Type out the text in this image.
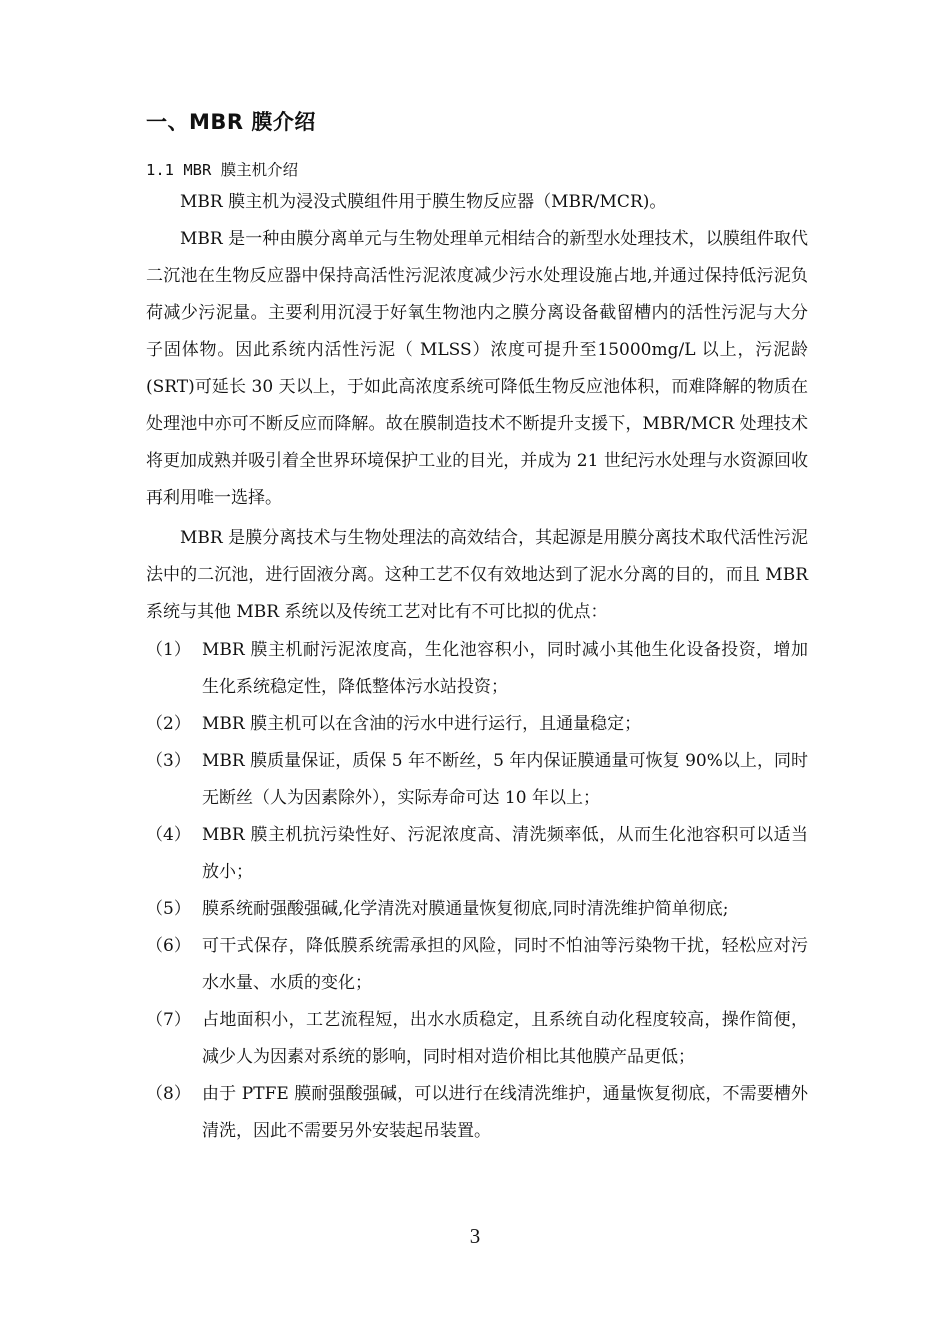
一、MBR 膜介绍
1.1 MBR 膜主机介绍

MBR 膜主机为浸没式膜组件用于膜生物反应器（MBR/MCR)。

MBR 是一种由膜分离单元与生物处理单元相结合的新型水处理技术，以膜组件取代二沉池在生物反应器中保持高活性污泥浓度减少污水处理设施占地,并通过保持低污泥负荷减少污泥量。主要利用沉浸于好氧生物池内之膜分离设备截留槽内的活性污泥与大分子固体物。因此系统内活性污泥（ MLSS）浓度可提升至15000mg/L 以上，污泥龄(SRT)可延长 30 天以上，于如此高浓度系统可降低生物反应池体积，而难降解的物质在处理池中亦可不断反应而降解。故在膜制造技术不断提升支援下，MBR/MCR 处理技术将更加成熟并吸引着全世界环境保护工业的目光，并成为 21 世纪污水处理与水资源回收再利用唯一选择。

MBR 是膜分离技术与生物处理法的高效结合，其起源是用膜分离技术取代活性污泥法中的二沉池，进行固液分离。这种工艺不仅有效地达到了泥水分离的目的，而且 MBR 系统与其他 MBR 系统以及传统工艺对比有不可比拟的优点：

（1） MBR 膜主机耐污泥浓度高，生化池容积小，同时减小其他生化设备投资，增加生化系统稳定性，降低整体污水站投资；
（2） MBR 膜主机可以在含油的污水中进行运行，且通量稳定；
（3） MBR 膜质量保证，质保 5 年不断丝，5 年内保证膜通量可恢复 90%以上，同时无断丝（人为因素除外），实际寿命可达 10 年以上；
（4） MBR 膜主机抗污染性好、污泥浓度高、清洗频率低，从而生化池容积可以适当放小；
（5） 膜系统耐强酸强碱,化学清洗对膜通量恢复彻底,同时清洗维护简单彻底;
（6） 可干式保存，降低膜系统需承担的风险，同时不怕油等污染物干扰，轻松应对污水水量、水质的变化；
（7） 占地面积小，工艺流程短，出水水质稳定，且系统自动化程度较高，操作简便，减少人为因素对系统的影响，同时相对造价相比其他膜产品更低；
（8） 由于 PTFE 膜耐强酸强碱，可以进行在线清洗维护，通量恢复彻底，不需要槽外清洗，因此不需要另外安装起吊装置。
3
